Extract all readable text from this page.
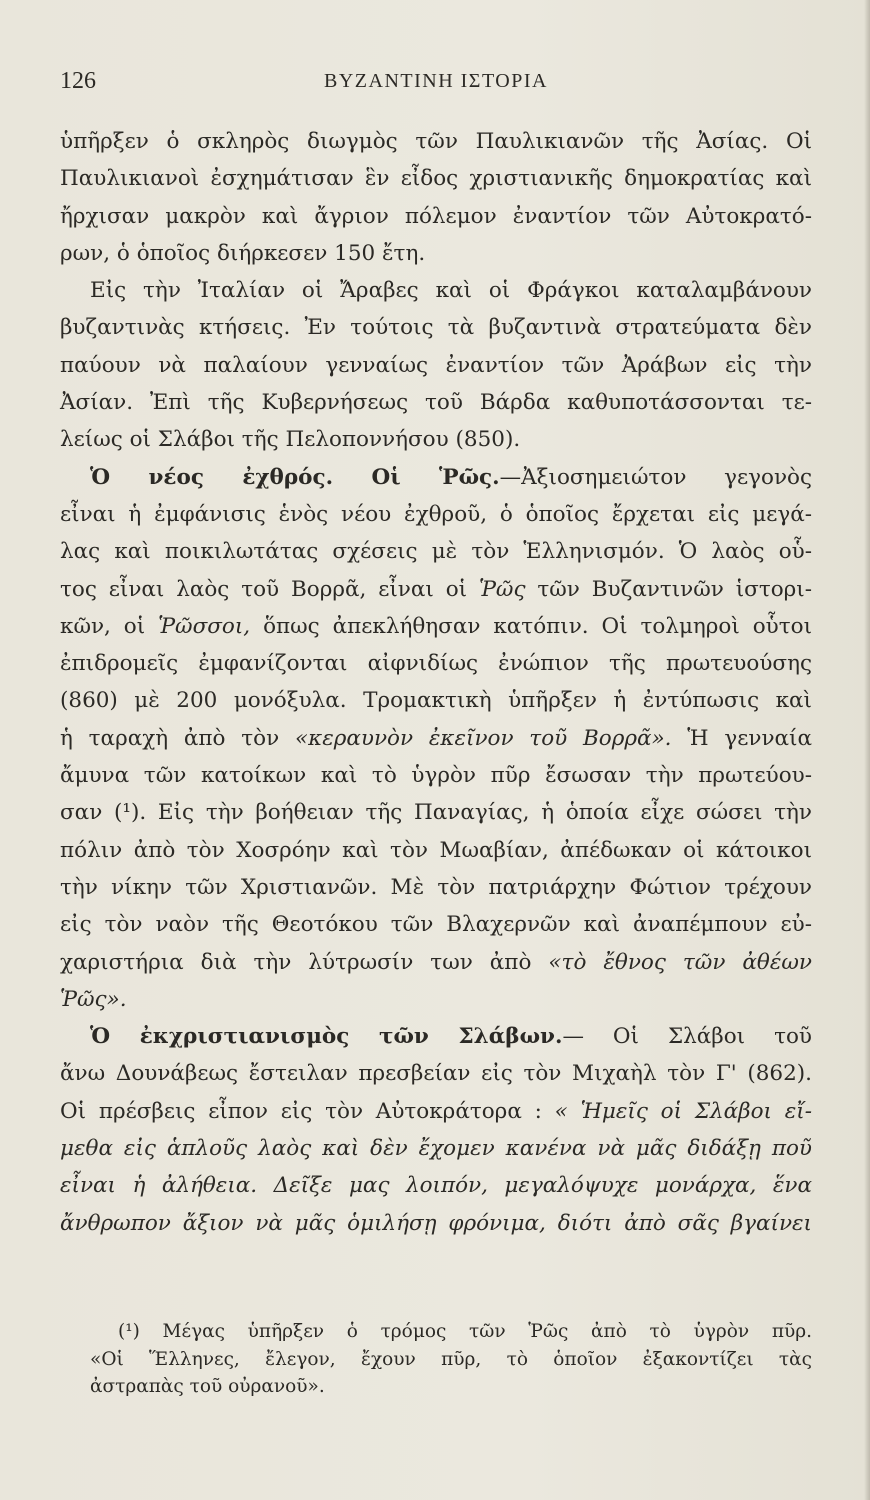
126	ΒΥΖΑΝΤΙΝΗ ΙΣΤΟΡΙΑ
ὑπῆρξεν ὁ σκληρὸς διωγμὸς τῶν Παυλικιανῶν τῆς Ἀσίας. Οἱ
Παυλικιανοὶ ἐσχημάτισαν ἓν εἶδος χριστιανικῆς δημοκρατίας καὶ
ἤρχισαν μακρὸν καὶ ἄγριον πόλεμον ἐναντίον τῶν Αὐτοκρατό-
ρων, ὁ ὁποῖος διήρκεσεν 150 ἔτη.
Εἰς τὴν Ἰταλίαν οἱ Ἄραβες καὶ οἱ Φράγκοι καταλαμβάνουν
βυζαντινὰς κτήσεις. Ἐν τούτοις τὰ βυζαντινὰ στρατεύματα δὲν
παύουν νὰ παλαίουν γενναίως ἐναντίον τῶν Ἀράβων εἰς τὴν
Ἀσίαν. Ἐπὶ τῆς Κυβερνήσεως τοῦ Βάρδα καθυποτάσσονται τε-
λείως οἱ Σλάβοι τῆς Πελοποννήσου (850).
Ὁ νέος ἐχθρός. Οἱ Ῥῶς.—Ἀξιοσημειώτον γεγονὸς
εἶναι ἡ ἐμφάνισις ἑνὸς νέου ἐχθροῦ, ὁ ὁποῖος ἔρχεται εἰς μεγά-
λας καὶ ποικιλωτάτας σχέσεις μὲ τὸν Ἑλληνισμόν. Ὁ λαὸς οὗ-
τος εἶναι λαὸς τοῦ Βορρᾶ, εἶναι οἱ Ῥῶς τῶν Βυζαντινῶν ἱστορι-
κῶν, οἱ Ῥῶσσοι, ὅπως ἀπεκλήθησαν κατόπιν. Οἱ τολμηροὶ οὗτοι
ἐπιδρομεῖς ἐμφανίζονται αἰφνιδίως ἐνώπιον τῆς πρωτευούσης
(860) μὲ 200 μονόξυλα. Τρομακτικὴ ὑπῆρξεν ἡ ἐντύπωσις καὶ
ἡ ταραχὴ ἀπὸ τὸν «κεραυνὸν ἐκεῖνον τοῦ Βορρᾶ». Ἡ γενναία
ἄμυνα τῶν κατοίκων καὶ τὸ ὑγρὸν πῦρ ἔσωσαν τὴν πρωτεύου-
σαν (¹). Εἰς τὴν βοήθειαν τῆς Παναγίας, ἡ ὁποία εἶχε σώσει τὴν
πόλιν ἀπὸ τὸν Χοσρόην καὶ τὸν Μωαβίαν, ἀπέδωκαν οἱ κάτοικοι
τὴν νίκην τῶν Χριστιανῶν. Μὲ τὸν πατριάρχην Φώτιον τρέχουν
εἰς τὸν ναὸν τῆς Θεοτόκου τῶν Βλαχερνῶν καὶ ἀναπέμπουν εὐ-
χαριστήρια διὰ τὴν λύτρωσίν των ἀπὸ «τὸ ἔθνος τῶν ἀθέων
Ῥῶς».
Ὁ ἐκχριστιανισμὸς τῶν Σλάβων.— Οἱ Σλάβοι τοῦ
ἄνω Δουνάβεως ἔστειλαν πρεσβείαν εἰς τὸν Μιχαὴλ τὸν Γ' (862).
Οἱ πρέσβεις εἶπον εἰς τὸν Αὐτοκράτορα : « Ἡμεῖς οἱ Σλάβοι εἴ-
μεθα εἰς ἁπλοῦς λαὸς καὶ δὲν ἔχομεν κανένα νὰ μᾶς διδάξῃ ποῦ
εἶναι ἡ ἀλήθεια. Δεῖξε μας λοιπόν, μεγαλόψυχε μονάρχα, ἕνα
ἄνθρωπον ἄξιον νὰ μᾶς ὁμιλήσῃ φρόνιμα, διότι ἀπὸ σᾶς βγαίνει
(¹) Μέγας ὑπῆρξεν ὁ τρόμος τῶν Ῥῶς ἀπὸ τὸ ὑγρὸν πῦρ.
«Οἱ Ἕλληνες, ἔλεγον, ἔχουν πῦρ, τὸ ὁποῖον ἐξακοντίζει τὰς
ἀστραπὰς τοῦ οὐρανοῦ».
